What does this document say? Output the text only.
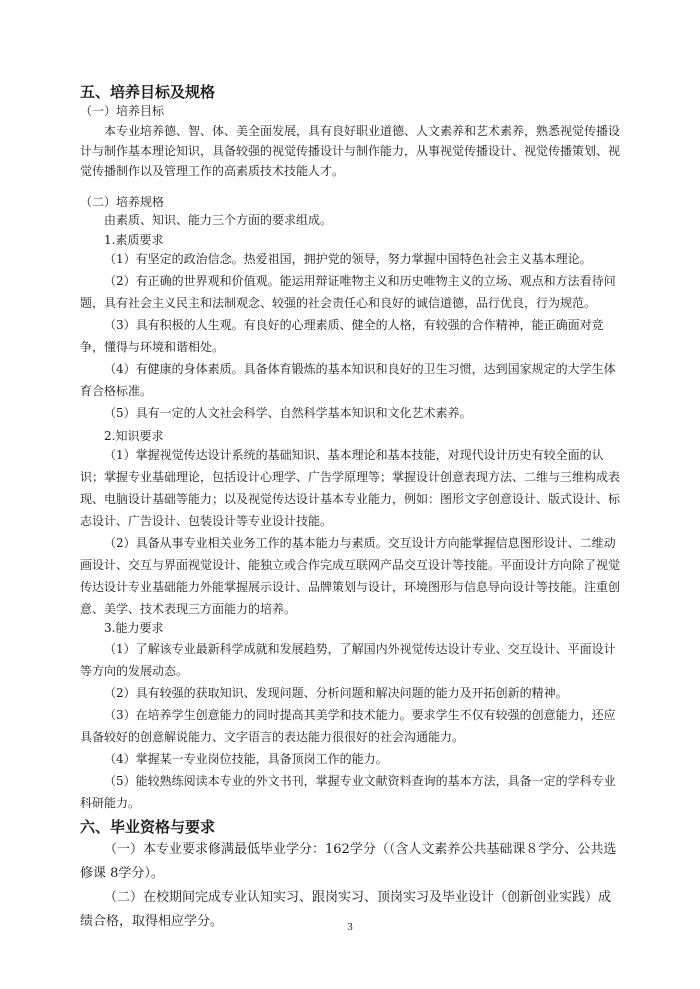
五、培养目标及规格
（一）培养目标

本专业培养德、智、体、美全面发展，具有良好职业道德、人文素养和艺术素养，熟悉视觉传播设计与制作基本理论知识，具备较强的视觉传播设计与制作能力，从事视觉传播设计、视觉传播策划、视觉传播制作以及管理工作的高素质技术技能人才。

（二）培养规格

由素质、知识、能力三个方面的要求组成。

1.素质要求

（1）有坚定的政治信念。热爱祖国，拥护党的领导，努力掌握中国特色社会主义基本理论。

（2）有正确的世界观和价值观。能运用辩证唯物主义和历史唯物主义的立场、观点和方法看待问题，具有社会主义民主和法制观念、较强的社会责任心和良好的诚信道德，品行优良，行为规范。

（3）具有积极的人生观。有良好的心理素质、健全的人格，有较强的合作精神，能正确面对竞争，懂得与环境和谐相处。

（4）有健康的身体素质。具备体育锻炼的基本知识和良好的卫生习惯，达到国家规定的大学生体育合格标准。

（5）具有一定的人文社会科学、自然科学基本知识和文化艺术素养。

2.知识要求

（1）掌握视觉传达设计系统的基础知识、基本理论和基本技能，对现代设计历史有较全面的认识；掌握专业基础理论，包括设计心理学、广告学原理等；掌握设计创意表现方法、二维与三维构成表现、电脑设计基础等能力；以及视觉传达设计基本专业能力，例如：图形文字创意设计、版式设计、标志设计、广告设计、包装设计等专业设计技能。

（2）具备从事专业相关业务工作的基本能力与素质。交互设计方向能掌握信息图形设计、二维动画设计、交互与界面视觉设计、能独立或合作完成互联网产品交互设计等技能。平面设计方向除了视觉传达设计专业基础能力外能掌握展示设计、品牌策划与设计，环境图形与信息导向设计等技能。注重创意、美学、技术表现三方面能力的培养。

3.能力要求

（1）了解该专业最新科学成就和发展趋势，了解国内外视觉传达设计专业、交互设计、平面设计等方向的发展动态。

（2）具有较强的获取知识、发现问题、分析问题和解决问题的能力及开拓创新的精神。

（3）在培养学生创意能力的同时提高其美学和技术能力。要求学生不仅有较强的创意能力，还应具备较好的创意解说能力、文字语言的表达能力很很好的社会沟通能力。

（4）掌握某一专业岗位技能，具备顶岗工作的能力。

（5）能较熟练阅读本专业的外文书刊，掌握专业文献资料查询的基本方法，具备一定的学科专业科研能力。

六、毕业资格与要求

（一）本专业要求修满最低毕业学分：162学分（（含人文素养公共基础课８学分、公共选修课 8学分）。

（二）在校期间完成专业认知实习、跟岗实习、顶岗实习及毕业设计（创新创业实践）成绩合格，取得相应学分。	3
